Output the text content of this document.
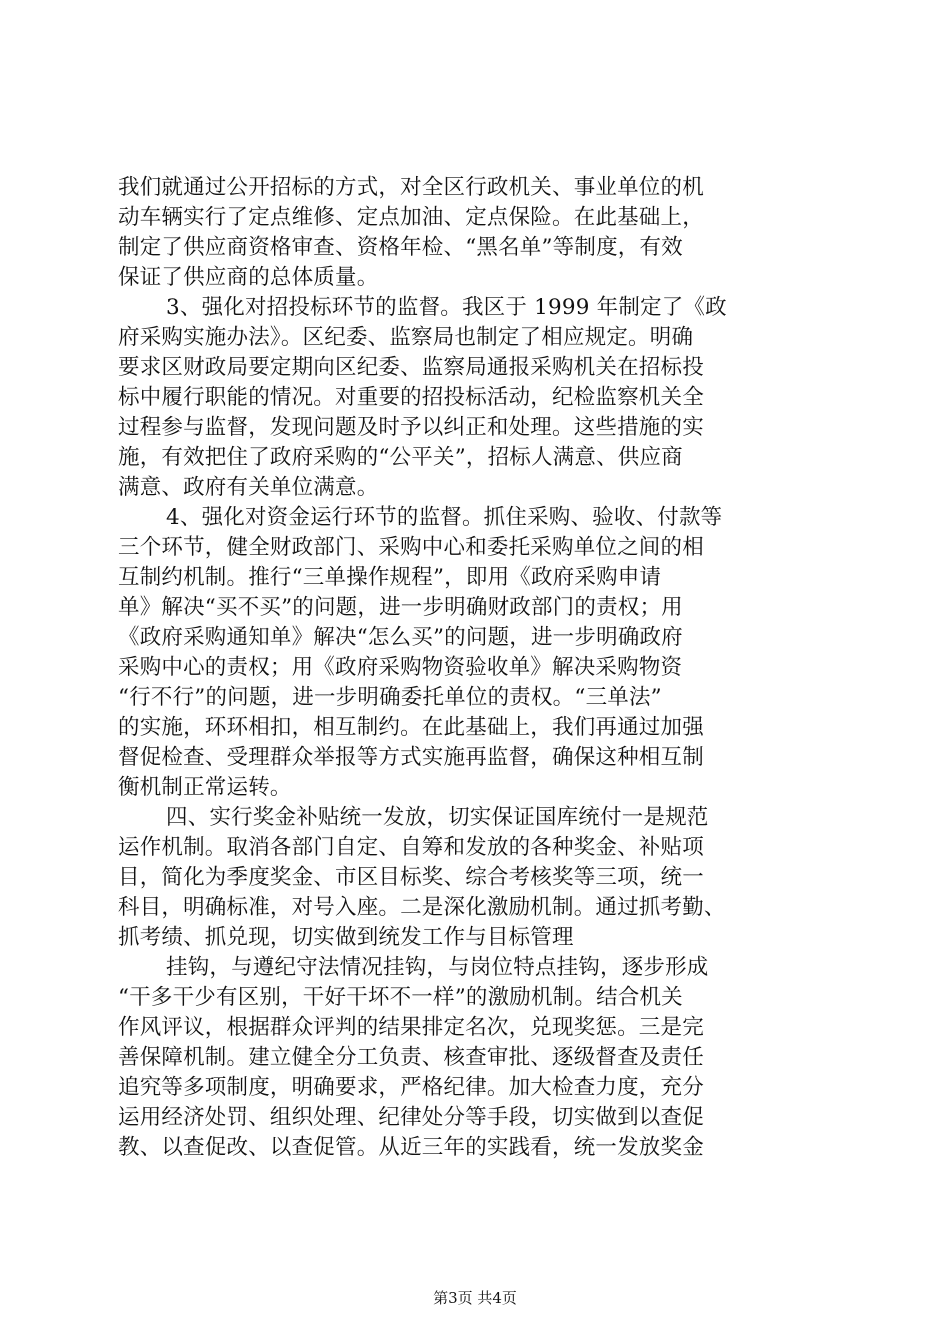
我们就通过公开招标的方式，对全区行政机关、事业单位的机
动车辆实行了定点维修、定点加油、定点保险。在此基础上，
制定了供应商资格审查、资格年检、“黑名单”等制度，有效
保证了供应商的总体质量。
3、强化对招投标环节的监督。我区于 1999 年制定了《政
府采购实施办法》。区纪委、监察局也制定了相应规定。明确
要求区财政局要定期向区纪委、监察局通报采购机关在招标投
标中履行职能的情况。对重要的招投标活动，纪检监察机关全
过程参与监督，发现问题及时予以纠正和处理。这些措施的实
施，有效把住了政府采购的“公平关”，招标人满意、供应商
满意、政府有关单位满意。
4、强化对资金运行环节的监督。抓住采购、验收、付款等
三个环节，健全财政部门、采购中心和委托采购单位之间的相
互制约机制。推行“三单操作规程”，即用《政府采购申请
单》解决“买不买”的问题，进一步明确财政部门的责权；用
《政府采购通知单》解决“怎么买”的问题，进一步明确政府
采购中心的责权；用《政府采购物资验收单》解决采购物资
“行不行”的问题，进一步明确委托单位的责权。“三单法”
的实施，环环相扣，相互制约。在此基础上，我们再通过加强
督促检查、受理群众举报等方式实施再监督，确保这种相互制
衡机制正常运转。
四、实行奖金补贴统一发放，切实保证国库统付一是规范
运作机制。取消各部门自定、自筹和发放的各种奖金、补贴项
目，简化为季度奖金、市区目标奖、综合考核奖等三项，统一
科目，明确标准，对号入座。二是深化激励机制。通过抓考勤、
抓考绩、抓兑现，切实做到统发工作与目标管理
挂钩，与遵纪守法情况挂钩，与岗位特点挂钩，逐步形成
“干多干少有区别，干好干坏不一样”的激励机制。结合机关
作风评议，根据群众评判的结果排定名次，兑现奖惩。三是完
善保障机制。建立健全分工负责、核查审批、逐级督查及责任
追究等多项制度，明确要求，严格纪律。加大检查力度，充分
运用经济处罚、组织处理、纪律处分等手段，切实做到以查促
教、以查促改、以查促管。从近三年的实践看，统一发放奖金
第3页 共4页
